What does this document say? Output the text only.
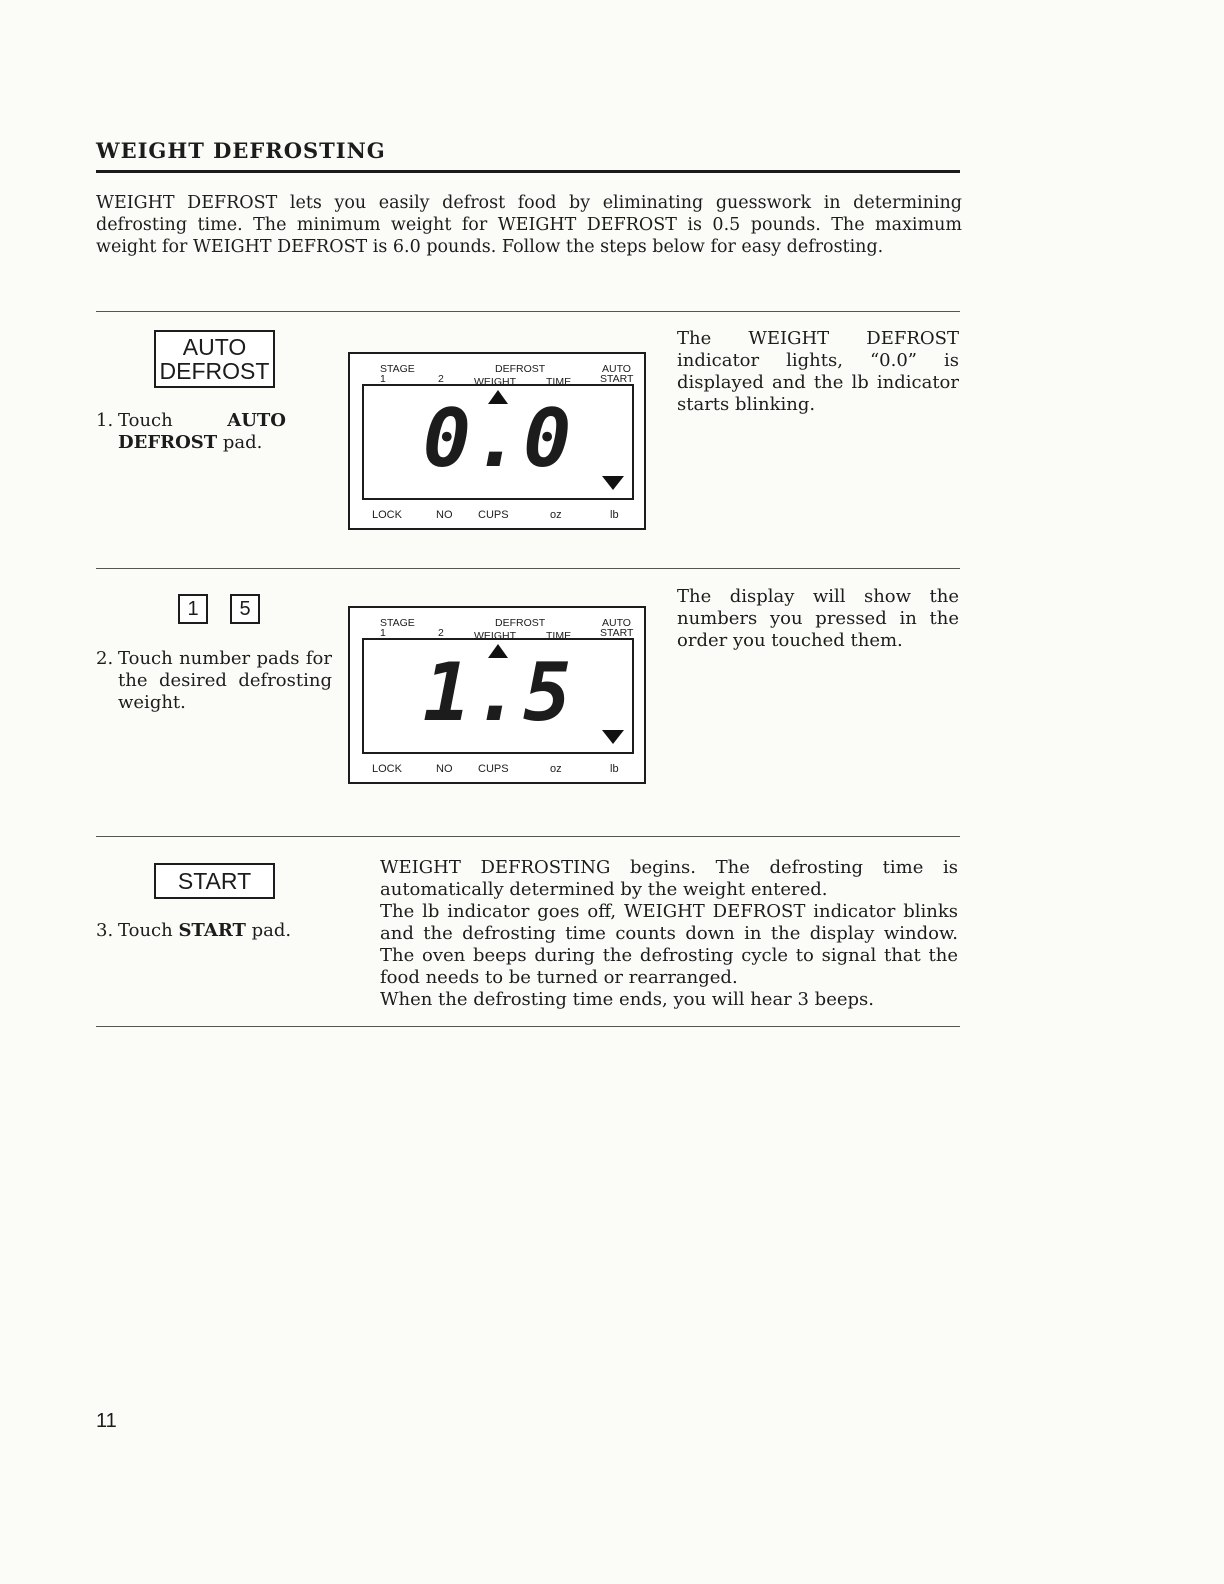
WEIGHT DEFROSTING

WEIGHT DEFROST lets you easily defrost food by eliminating guesswork in determining defrosting time. The minimum weight for WEIGHT DEFROST is 0.5 pounds. The maximum weight for WEIGHT DEFROST is 6.0 pounds. Follow the steps below for easy defrosting.

AUTO
DEFROST
1. Touch AUTO DEFROST pad.
STAGE
1	2
DEFROST
WEIGHT	TIME
AUTO
START
0.0
LOCK	NO CUPS	oz	lb

The WEIGHT DEFROST indicator lights, “0.0” is displayed and the lb indicator starts blinking.

1	5
2. Touch number pads for the desired defrosting weight.
STAGE
1	2
DEFROST
WEIGHT	TIME
AUTO
START
1.5
LOCK	NO CUPS	oz	lb

The display will show the numbers you pressed in the order you touched them.

START
3. Touch START pad.

WEIGHT DEFROSTING begins. The defrosting time is automatically determined by the weight entered.

The lb indicator goes off, WEIGHT DEFROST indicator blinks and the defrosting time counts down in the display window. The oven beeps during the defrosting cycle to signal that the food needs to be turned or rearranged.

When the defrosting time ends, you will hear 3 beeps.

11
